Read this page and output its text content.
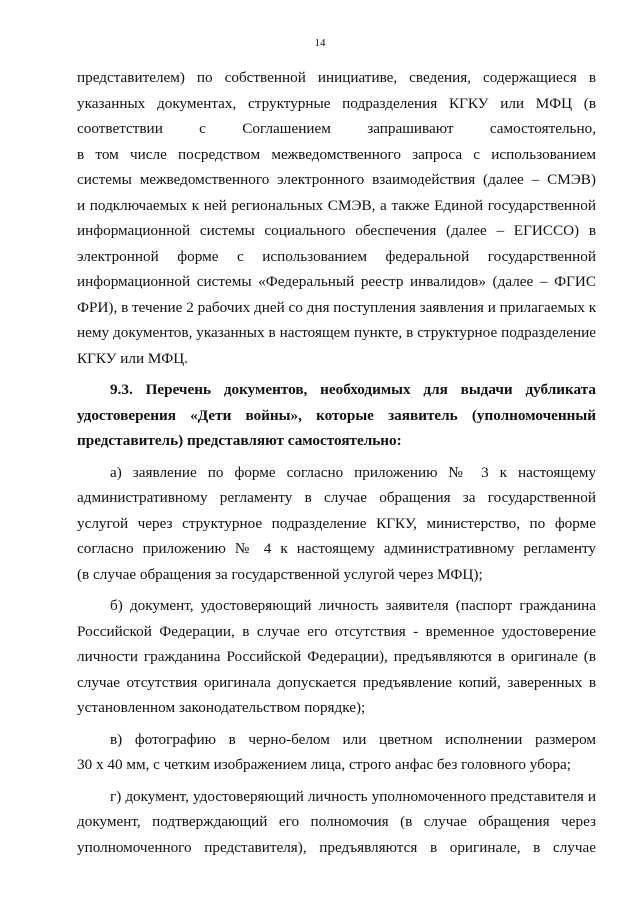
14
представителем) по собственной инициативе, сведения, содержащиеся в
указанных документах, структурные подразделения КГКУ или МФЦ (в
соответствии с Соглашением запрашивают самостоятельно,
в том числе посредством межведомственного запроса с использованием
системы межведомственного электронного взаимодействия (далее – СМЭВ)
и подключаемых к ней региональных СМЭВ, а также Единой государственной
информационной системы социального обеспечения (далее – ЕГИССО) в
электронной форме с использованием федеральной государственной
информационной системы «Федеральный реестр инвалидов» (далее – ФГИС
ФРИ), в течение 2 рабочих дней со дня поступления заявления и прилагаемых к
нему документов, указанных в настоящем пункте, в структурное подразделение
КГКУ или МФЦ.
9.3. Перечень документов, необходимых для выдачи дубликата
удостоверения «Дети войны», которые заявитель (уполномоченный
представитель) представляют самостоятельно:
а) заявление по форме согласно приложению № 3 к настоящему
административному регламенту в случае обращения за государственной
услугой через структурное подразделение КГКУ, министерство, по форме
согласно приложению № 4 к настоящему административному регламенту
(в случае обращения за государственной услугой через МФЦ);
б) документ, удостоверяющий личность заявителя (паспорт гражданина
Российской Федерации, в случае его отсутствия - временное удостоверение
личности гражданина Российской Федерации), предъявляются в оригинале (в
случае отсутствия оригинала допускается предъявление копий, заверенных в
установленном законодательством порядке);
в) фотографию в черно-белом или цветном исполнении размером
30 x 40 мм, с четким изображением лица, строго анфас без головного убора;
г) документ, удостоверяющий личность уполномоченного представителя и
документ, подтверждающий его полномочия (в случае обращения через
уполномоченного представителя), предъявляются в оригинале, в случае
